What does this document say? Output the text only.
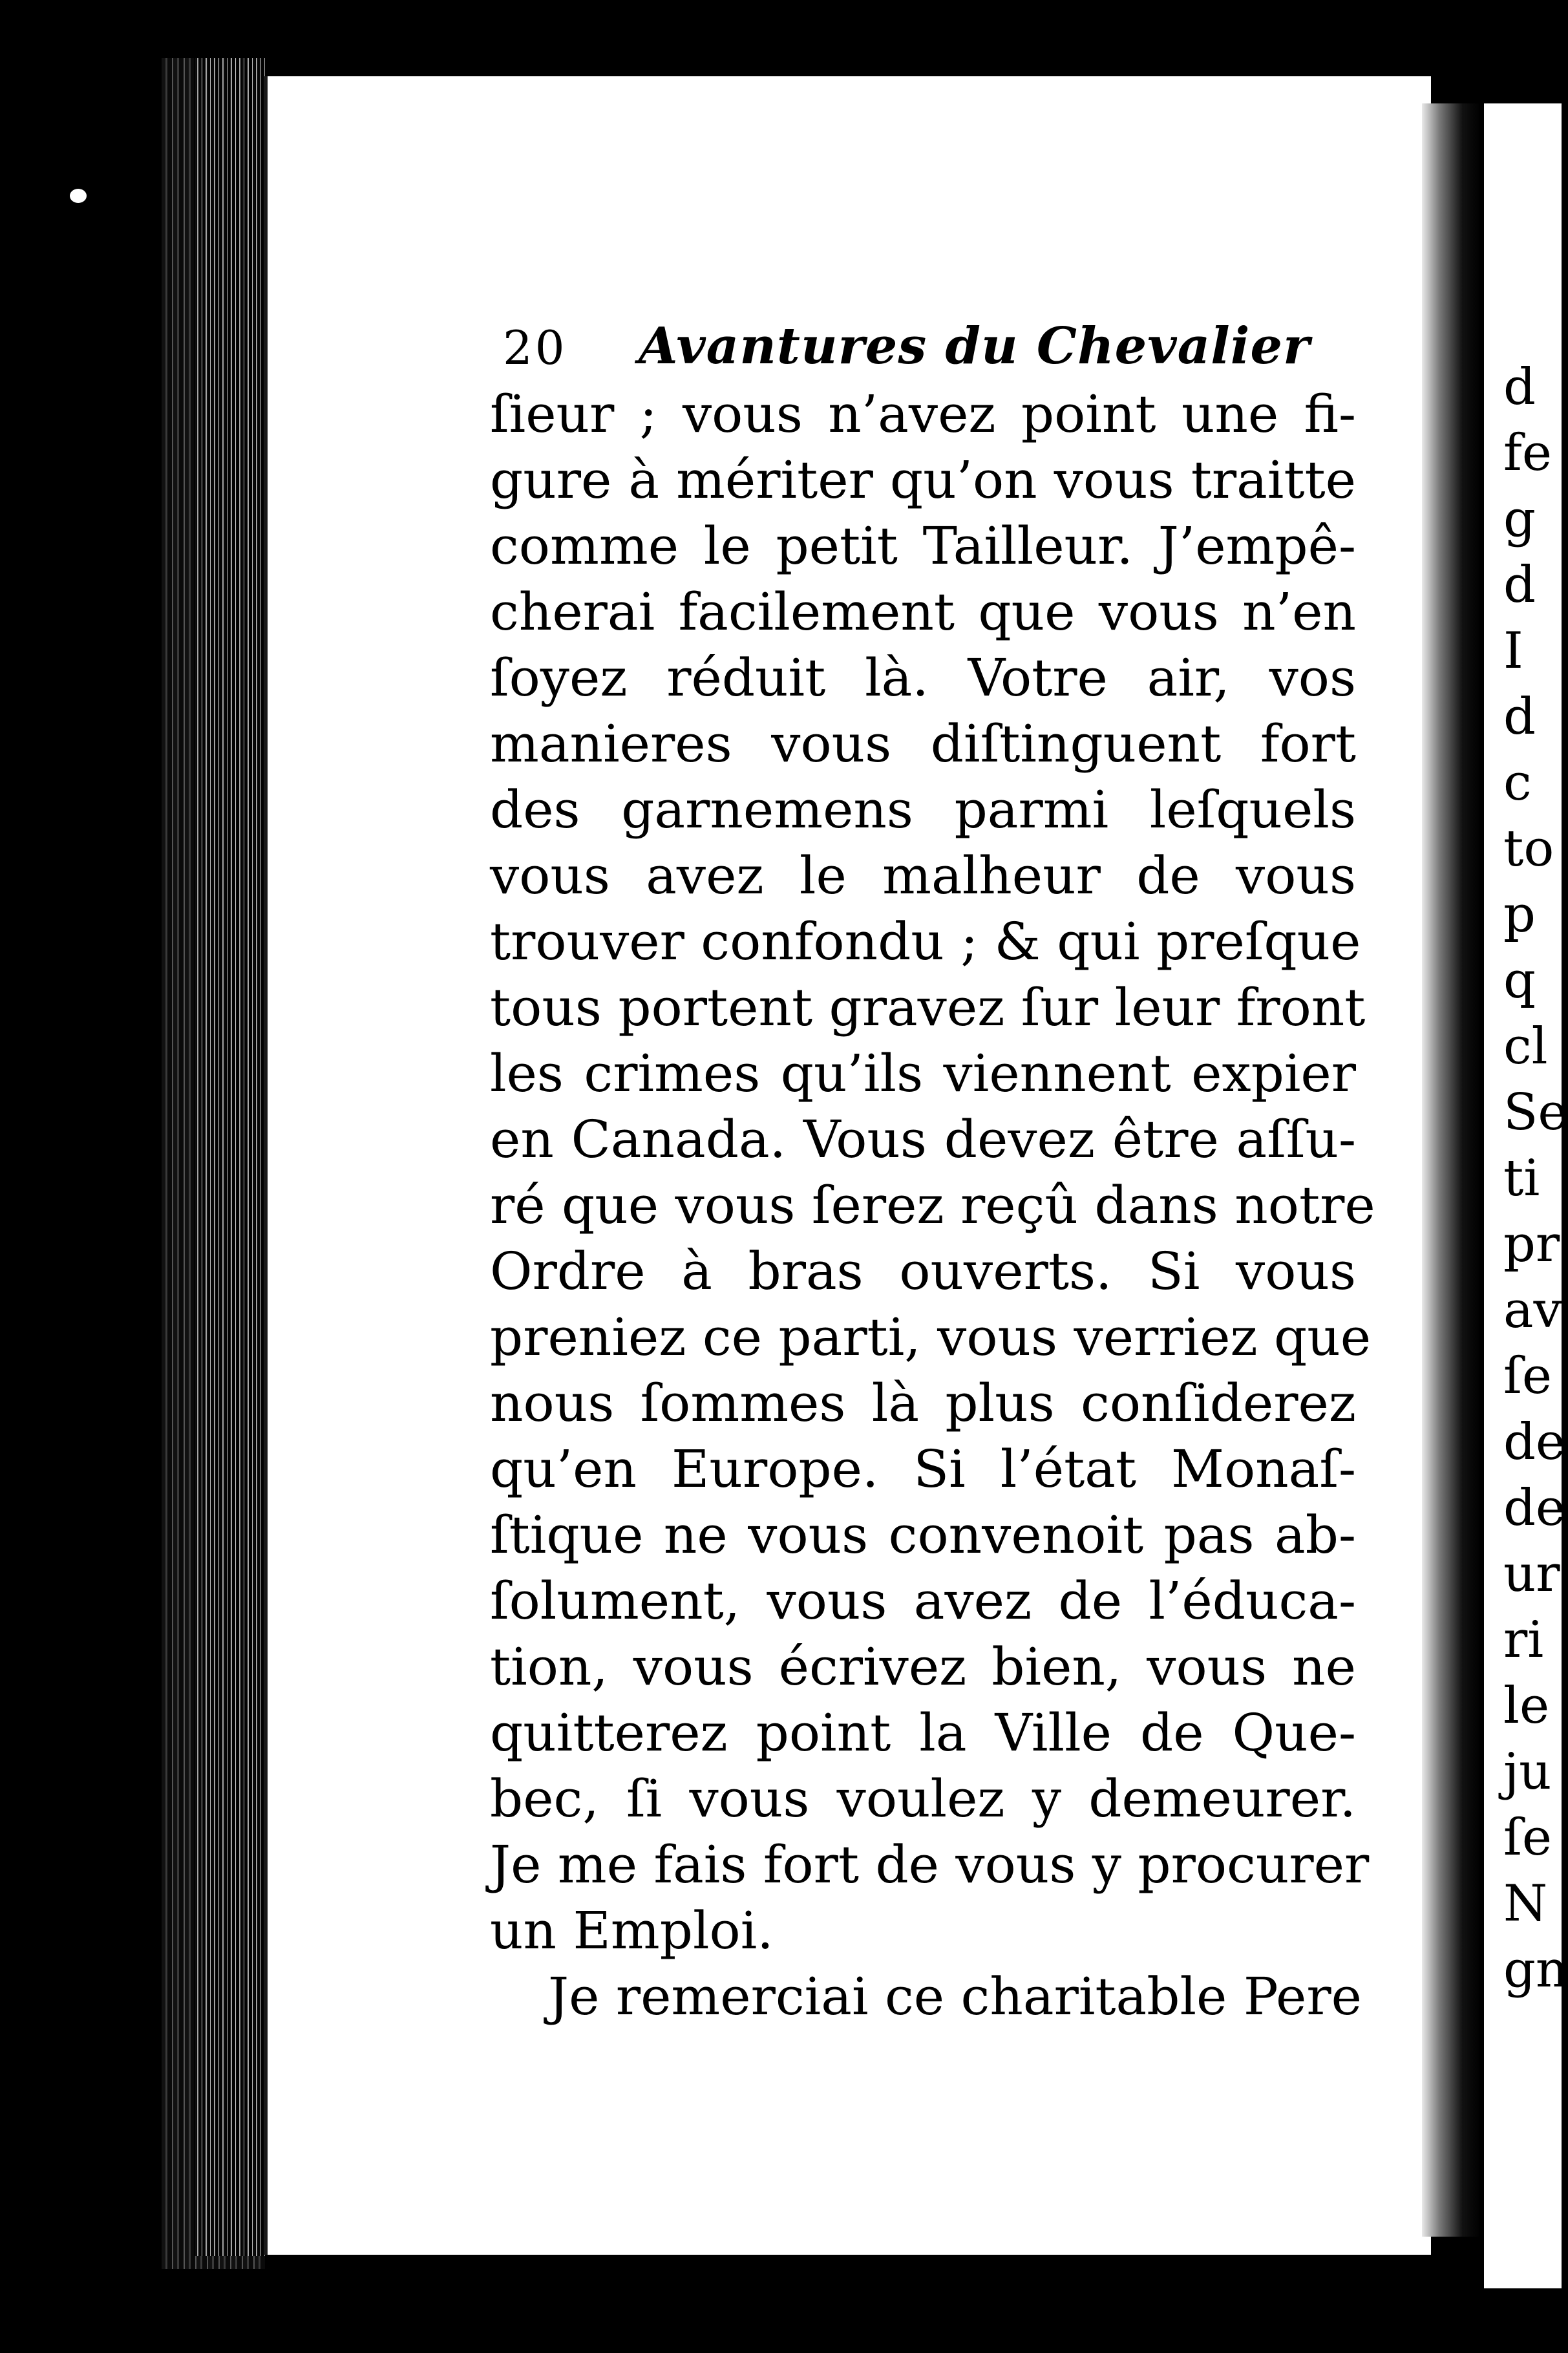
d
fe
g
d
I
d
c
to
p
q
cl
Se
ti
pr
av
ſe
de
de
ur
ri
le
ju
ſe
N
gn
20 Avantures du Chevalier
ſieur ; vous n’avez point une fi-
gure à mériter qu’on vous traitte
comme le petit Tailleur. J’empê-
cherai facilement que vous n’en
ſoyez réduit là. Votre air, vos
manieres vous diſtinguent fort
des garnemens parmi leſquels
vous avez le malheur de vous
trouver confondu ; & qui preſque
tous portent gravez ſur leur front
les crimes qu’ils viennent expier
en Canada. Vous devez être aſſu-
ré que vous ſerez reçû dans notre
Ordre à bras ouverts. Si vous
preniez ce parti, vous verriez que
nous ſommes là plus conſiderez
qu’en Europe. Si l’état Monaſ-
ſtique ne vous convenoit pas ab-
ſolument, vous avez de l’éduca-
tion, vous écrivez bien, vous ne
quitterez point la Ville de Que-
bec, ſi vous voulez y demeurer.
Je me fais fort de vous y procurer
un Emploi.
Je remerciai ce charitable Pere
